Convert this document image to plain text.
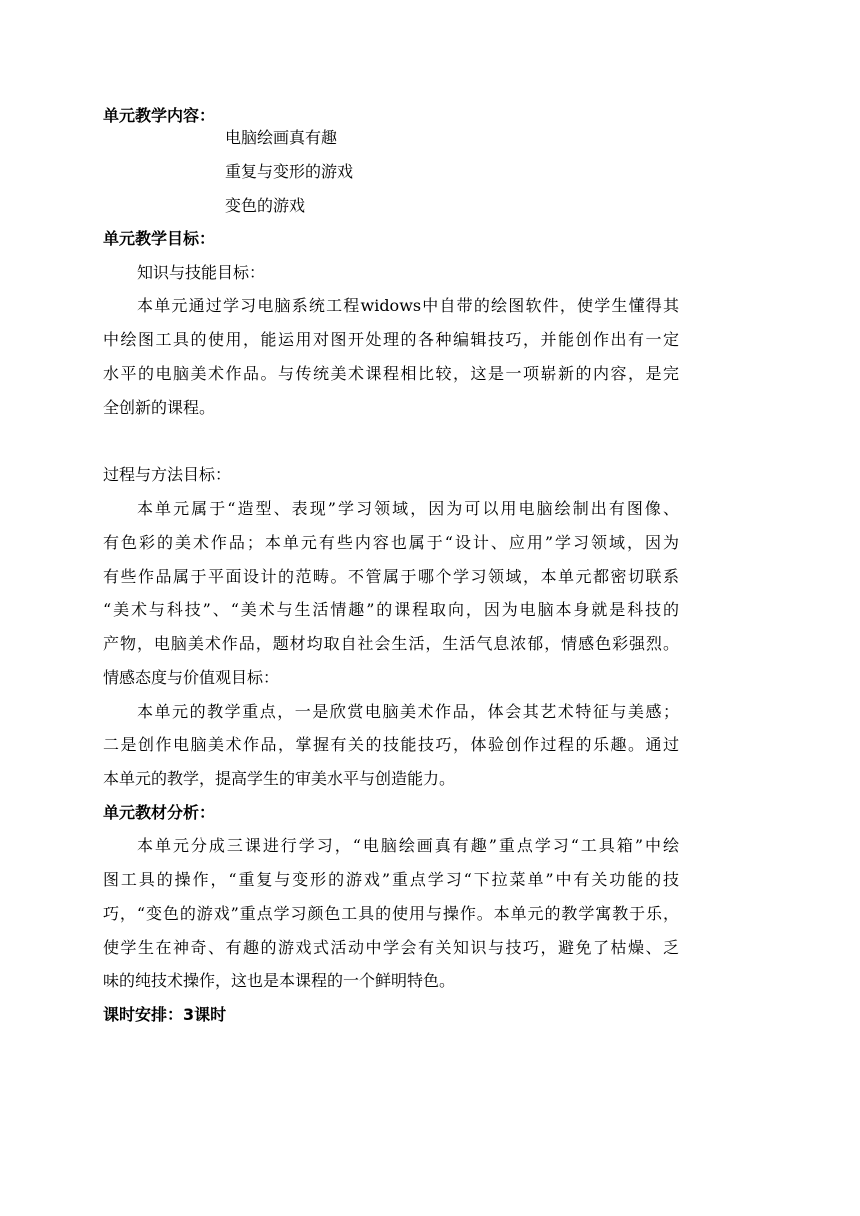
单元教学内容：
电脑绘画真有趣
重复与变形的游戏
变色的游戏
单元教学目标：
知识与技能目标：
本单元通过学习电脑系统工程widows中自带的绘图软件，使学生懂得其
中绘图工具的使用，能运用对图开处理的各种编辑技巧，并能创作出有一定
水平的电脑美术作品。与传统美术课程相比较，这是一项崭新的内容，是完
全创新的课程。
过程与方法目标：
本单元属于“造型、表现”学习领域，因为可以用电脑绘制出有图像、
有色彩的美术作品；本单元有些内容也属于“设计、应用”学习领域，因为
有些作品属于平面设计的范畴。不管属于哪个学习领域，本单元都密切联系
“美术与科技”、“美术与生活情趣”的课程取向，因为电脑本身就是科技的
产物，电脑美术作品，题材均取自社会生活，生活气息浓郁，情感色彩强烈。
情感态度与价值观目标：
本单元的教学重点，一是欣赏电脑美术作品，体会其艺术特征与美感；
二是创作电脑美术作品，掌握有关的技能技巧，体验创作过程的乐趣。通过
本单元的教学，提高学生的审美水平与创造能力。
单元教材分析：
本单元分成三课进行学习，“电脑绘画真有趣”重点学习“工具箱”中绘
图工具的操作，“重复与变形的游戏”重点学习“下拉菜单”中有关功能的技
巧，“变色的游戏”重点学习颜色工具的使用与操作。本单元的教学寓教于乐，
使学生在神奇、有趣的游戏式活动中学会有关知识与技巧，避免了枯燥、乏
味的纯技术操作，这也是本课程的一个鲜明特色。
课时安排：3课时
